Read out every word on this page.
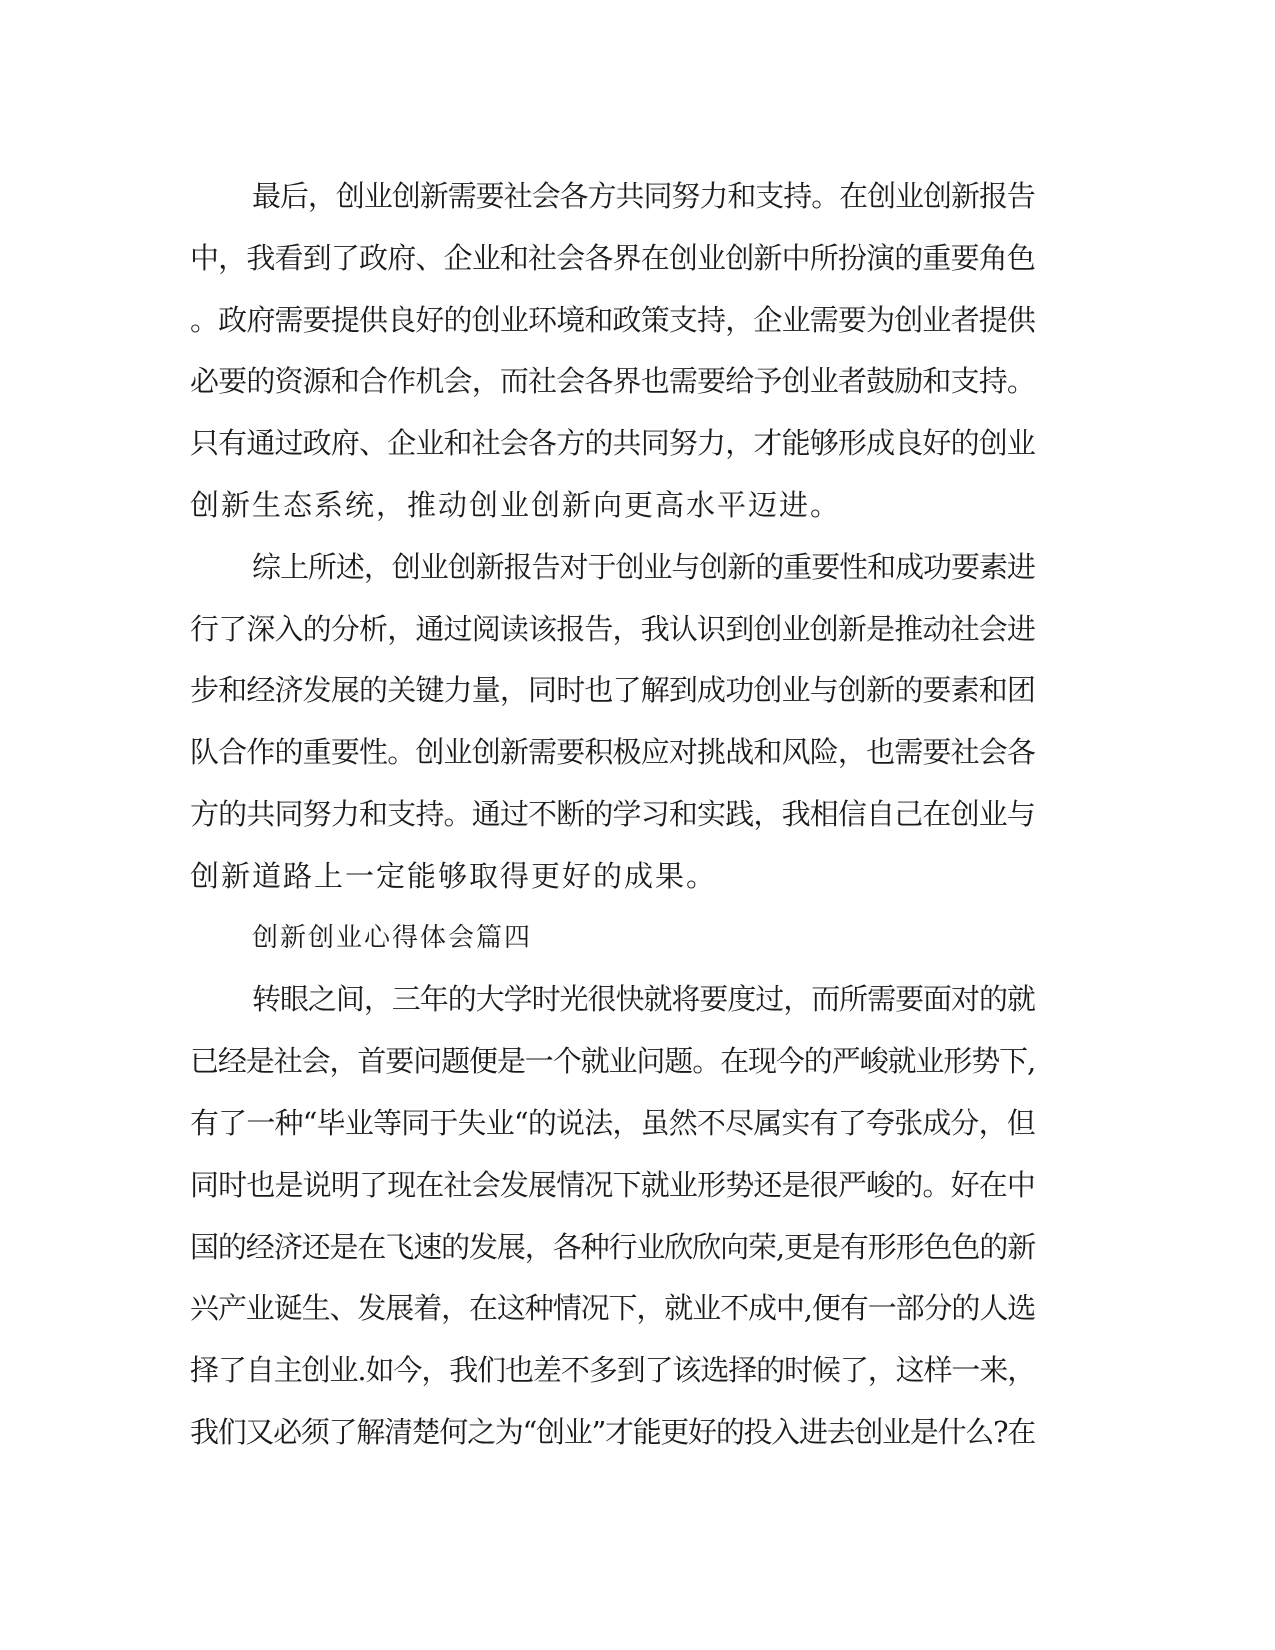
最后，创业创新需要社会各方共同努力和支持。在创业创新报告
中，我看到了政府、企业和社会各界在创业创新中所扮演的重要角色
。政府需要提供良好的创业环境和政策支持，企业需要为创业者提供
必要的资源和合作机会，而社会各界也需要给予创业者鼓励和支持。
只有通过政府、企业和社会各方的共同努力，才能够形成良好的创业
创新生态系统，推动创业创新向更高水平迈进。
综上所述，创业创新报告对于创业与创新的重要性和成功要素进
行了深入的分析，通过阅读该报告，我认识到创业创新是推动社会进
步和经济发展的关键力量，同时也了解到成功创业与创新的要素和团
队合作的重要性。创业创新需要积极应对挑战和风险，也需要社会各
方的共同努力和支持。通过不断的学习和实践，我相信自己在创业与
创新道路上一定能够取得更好的成果。
创新创业心得体会篇四
转眼之间，三年的大学时光很快就将要度过，而所需要面对的就
已经是社会，首要问题便是一个就业问题。在现今的严峻就业形势下,
有了一种“毕业等同于失业“的说法，虽然不尽属实有了夸张成分，但
同时也是说明了现在社会发展情况下就业形势还是很严峻的。好在中
国的经济还是在飞速的发展，各种行业欣欣向荣,更是有形形色色的新
兴产业诞生、发展着，在这种情况下，就业不成中,便有一部分的人选
择了自主创业.如今，我们也差不多到了该选择的时候了，这样一来，
我们又必须了解清楚何之为“创业”才能更好的投入进去创业是什么?在
